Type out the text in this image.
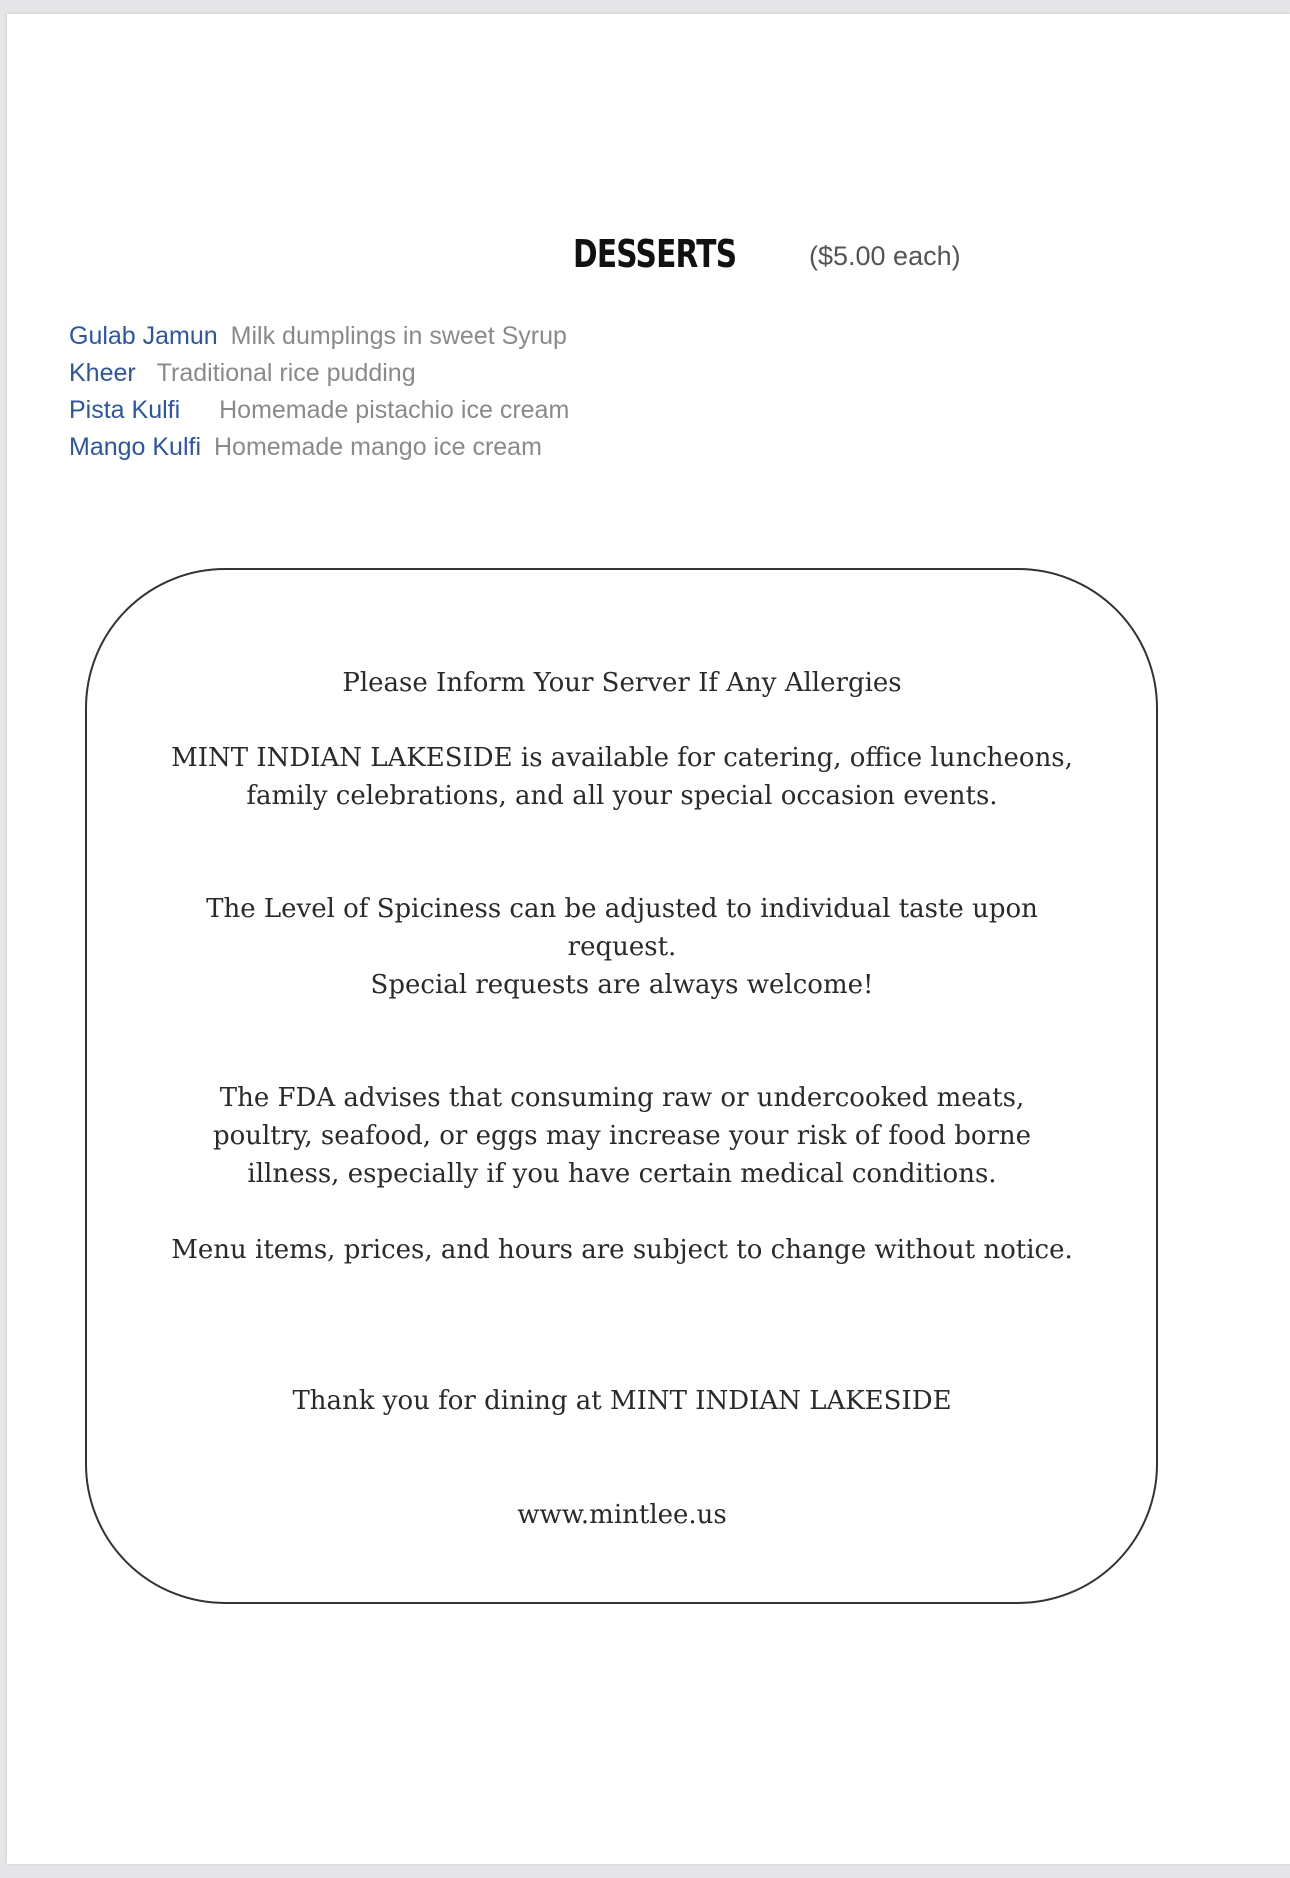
DESSERTS	($5.00 each)
Gulab Jamun Milk dumplings in sweet Syrup
Kheer Traditional rice pudding
Pista Kulfi Homemade pistachio ice cream
Mango Kulfi Homemade mango ice cream
Please Inform Your Server If Any Allergies
MINT INDIAN LAKESIDE is available for catering, office luncheons,
family celebrations, and all your special occasion events.
The Level of Spiciness can be adjusted to individual taste upon
request.
Special requests are always welcome!
The FDA advises that consuming raw or undercooked meats,
poultry, seafood, or eggs may increase your risk of food borne
illness, especially if you have certain medical conditions.
Menu items, prices, and hours are subject to change without notice.
Thank you for dining at MINT INDIAN LAKESIDE
www.mintlee.us
